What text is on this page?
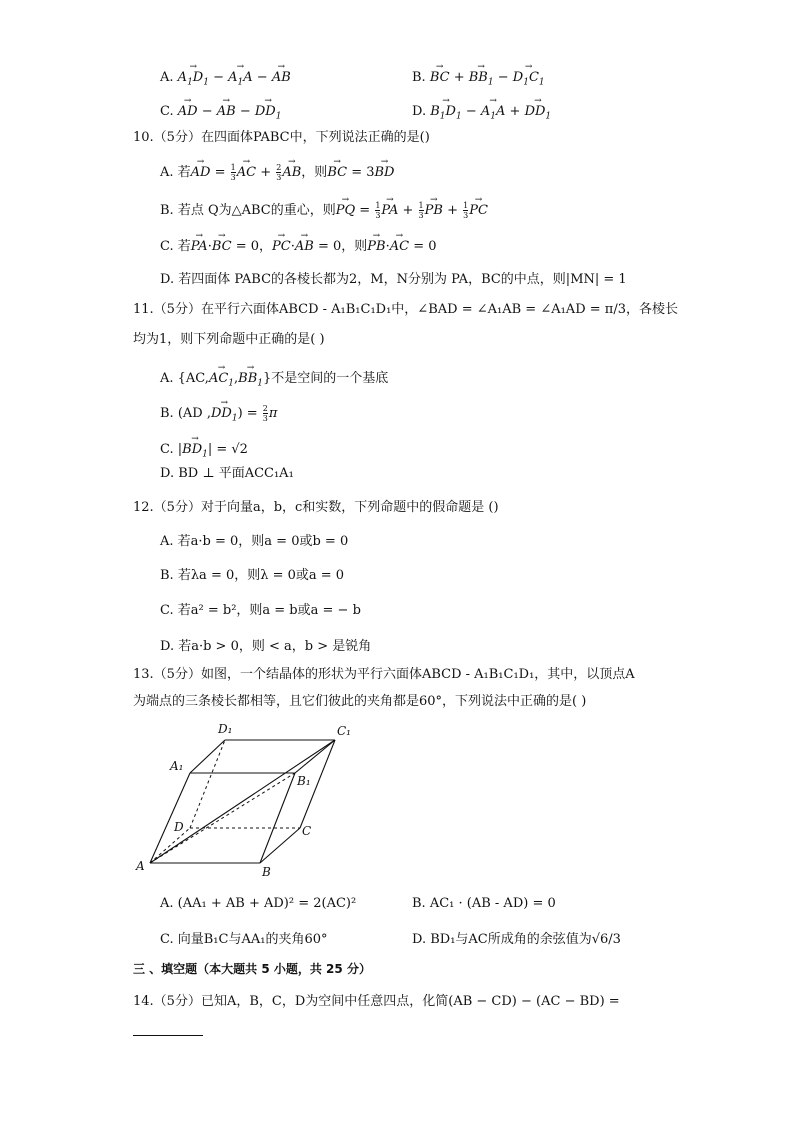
A. → $A_1D_1$ − → $A_1A$ − → AB	B. → BC + → $BB_1$ − → $D_1C_1$
C. → AD − → AB − → $DD_1$	D. → $B_1D_1$ − → $A_1A$ + → $DD_1$
10.（5分）在四面体PABC中，下列说法正确的是()
A. 若→ AD = $\frac{1}{3}$ → AC + $\frac{2}{3}$ → AB，则→ BC = 3→ BD
B. 若点 Q为△ABC的重心，则→ PQ = $\frac{1}{3}$ → PA + $\frac{1}{3}$ → PB + $\frac{1}{3}$ → PC
C. 若→ PA·→ BC = 0，→ PC·→ AB = 0，则→ PB·→ AC = 0
D. 若四面体 PABC的各棱长都为2，M，N分别为 PA，BC的中点，则|MN| = 1
11.（5分）在平行六面体ABCD - A₁B₁C₁D₁中，∠BAD = ∠A₁AB = ∠A₁AD = π/3，各棱长
均为1，则下列命题中正确的是( )
A. $\{AC,\to AC_1,\to BB_1\}$不是空间的一个基底
B. (AD ,→ $DD_1) = \frac{2}{3}$ π
C. |→ $BD_1| = √2$
D. BD ⊥ 平面ACC₁A₁
12.（5分）对于向量a，b，c和实数，下列命题中的假命题是 ()
A. 若a·b = 0，则a = 0或b = 0
B. 若λa = 0，则λ = 0或a = 0
C. 若a² = b²，则a = b或a = − b
D. 若a·b > 0，则 < a，b > 是锐角
13.（5分）如图，一个结晶体的形状为平行六面体ABCD - A₁B₁C₁D₁，其中，以顶点A
为端点的三条棱长都相等，且它们彼此的夹角都是60°，下列说法中正确的是( )
D₁	C₁
A₁
B₁
D	C
A	B
A. (AA₁ + AB + AD)² = 2(AC)²	B. AC₁ · (AB - AD) = 0
C. 向量B₁C与AA₁的夹角60°	D. BD₁与AC所成角的余弦值为√6/3
三 、填空题（本大题共 5 小题，共 25 分）
14.（5分）已知A，B，C，D为空间中任意四点，化简(AB − CD) − (AC − BD) =
